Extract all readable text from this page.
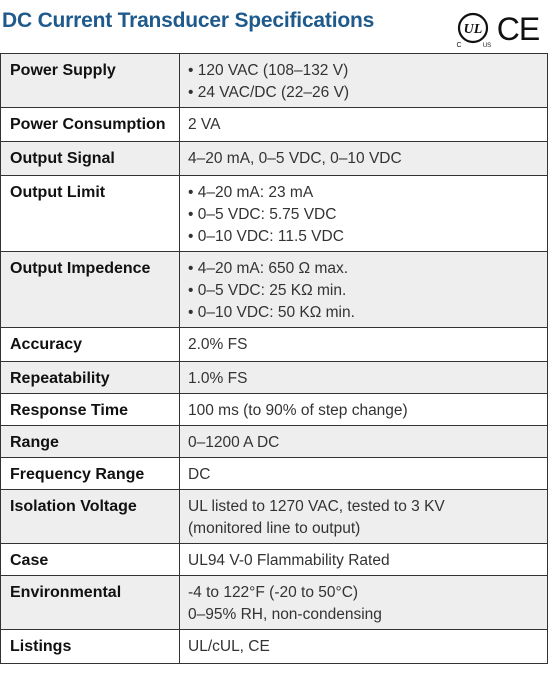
DC Current Transducer Specifications	UL
C	US CE
Power Supply	• 120 VAC (108–132 V)
• 24 VAC/DC (22–26 V)

Power Consumption	2 VA

Output Signal	4–20 mA, 0–5 VDC, 0–10 VDC

Output Limit	• 4–20 mA: 23 mA
• 0–5 VDC: 5.75 VDC
• 0–10 VDC: 11.5 VDC

Output Impedence	• 4–20 mA: 650 Ω max.
• 0–5 VDC: 25 KΩ min.
• 0–10 VDC: 50 KΩ min.

Accuracy	2.0% FS

Repeatability	1.0% FS

Response Time	100 ms (to 90% of step change)

Range	0–1200 A DC

Frequency Range	DC

Isolation Voltage	UL listed to 1270 VAC, tested to 3 KV
(monitored line to output)

Case	UL94 V-0 Flammability Rated

Environmental	-4 to 122°F (-20 to 50°C)
0–95% RH, non-condensing

Listings	UL/cUL, CE
